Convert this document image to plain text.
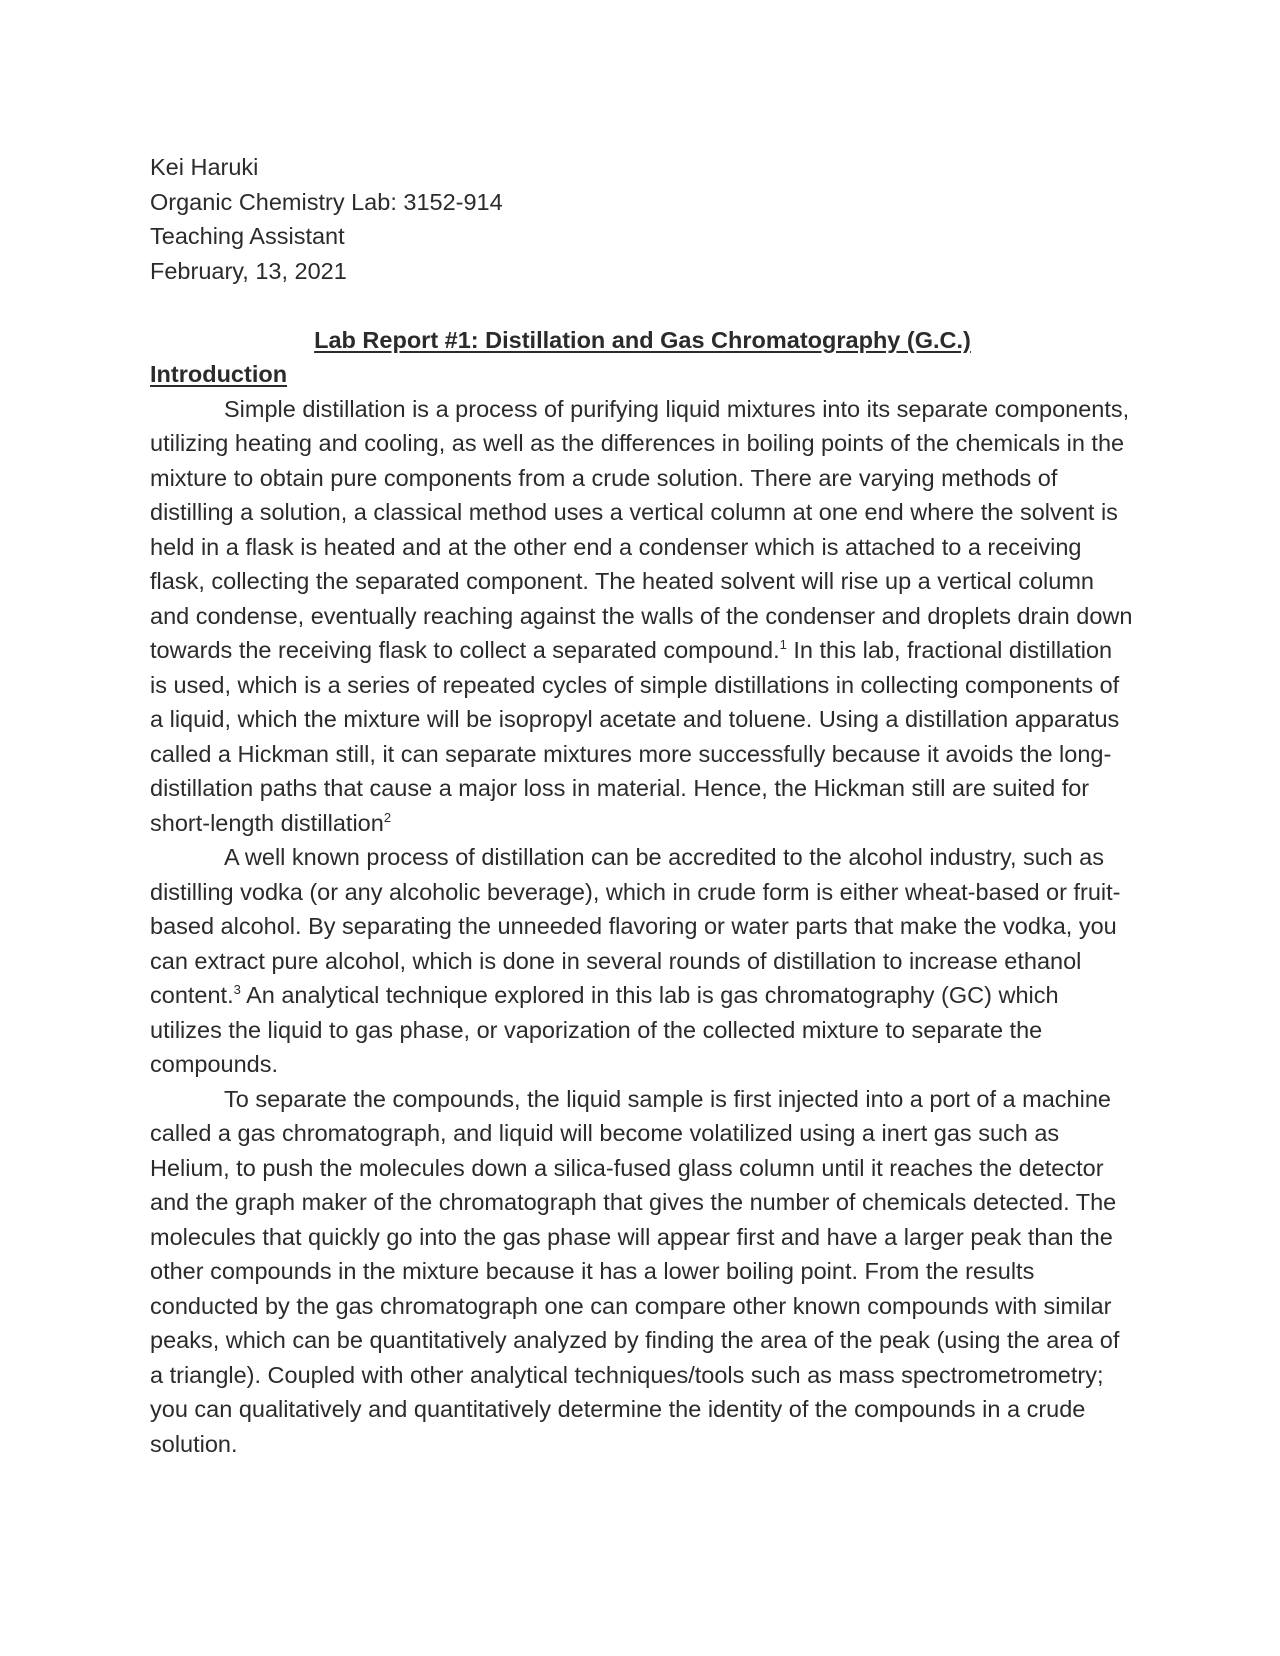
Kei Haruki
Organic Chemistry Lab: 3152-914
Teaching Assistant
February, 13, 2021
Lab Report #1: Distillation and Gas Chromatography (G.C.)
Introduction

Simple distillation is a process of purifying liquid mixtures into its separate components, utilizing heating and cooling, as well as the differences in boiling points of the chemicals in the mixture to obtain pure components from a crude solution. There are varying methods of distilling a solution, a classical method uses a vertical column at one end where the solvent is held in a flask is heated and at the other end a condenser which is attached to a receiving flask, collecting the separated component. The heated solvent will rise up a vertical column and condense, eventually reaching against the walls of the condenser and droplets drain down towards the receiving flask to collect a separated compound.$^1$ In this lab, fractional distillation is used, which is a series of repeated cycles of simple distillations in collecting components of a liquid, which the mixture will be isopropyl acetate and toluene. Using a distillation apparatus called a Hickman still, it can separate mixtures more successfully because it avoids the long-distillation paths that cause a major loss in material. Hence, the Hickman still are suited for short-length distillation$^2$

A well known process of distillation can be accredited to the alcohol industry, such as distilling vodka (or any alcoholic beverage), which in crude form is either wheat-based or fruit-based alcohol. By separating the unneeded flavoring or water parts that make the vodka, you can extract pure alcohol, which is done in several rounds of distillation to increase ethanol content.$^3$ An analytical technique explored in this lab is gas chromatography (GC) which utilizes the liquid to gas phase, or vaporization of the collected mixture to separate the compounds.

To separate the compounds, the liquid sample is first injected into a port of a machine called a gas chromatograph, and liquid will become volatilized using a inert gas such as Helium, to push the molecules down a silica-fused glass column until it reaches the detector and the graph maker of the chromatograph that gives the number of chemicals detected. The molecules that quickly go into the gas phase will appear first and have a larger peak than the other compounds in the mixture because it has a lower boiling point. From the results conducted by the gas chromatograph one can compare other known compounds with similar peaks, which can be quantitatively analyzed by finding the area of the peak (using the area of a triangle). Coupled with other analytical techniques/tools such as mass spectrometrometry; you can qualitatively and quantitatively determine the identity of the compounds in a crude solution.
